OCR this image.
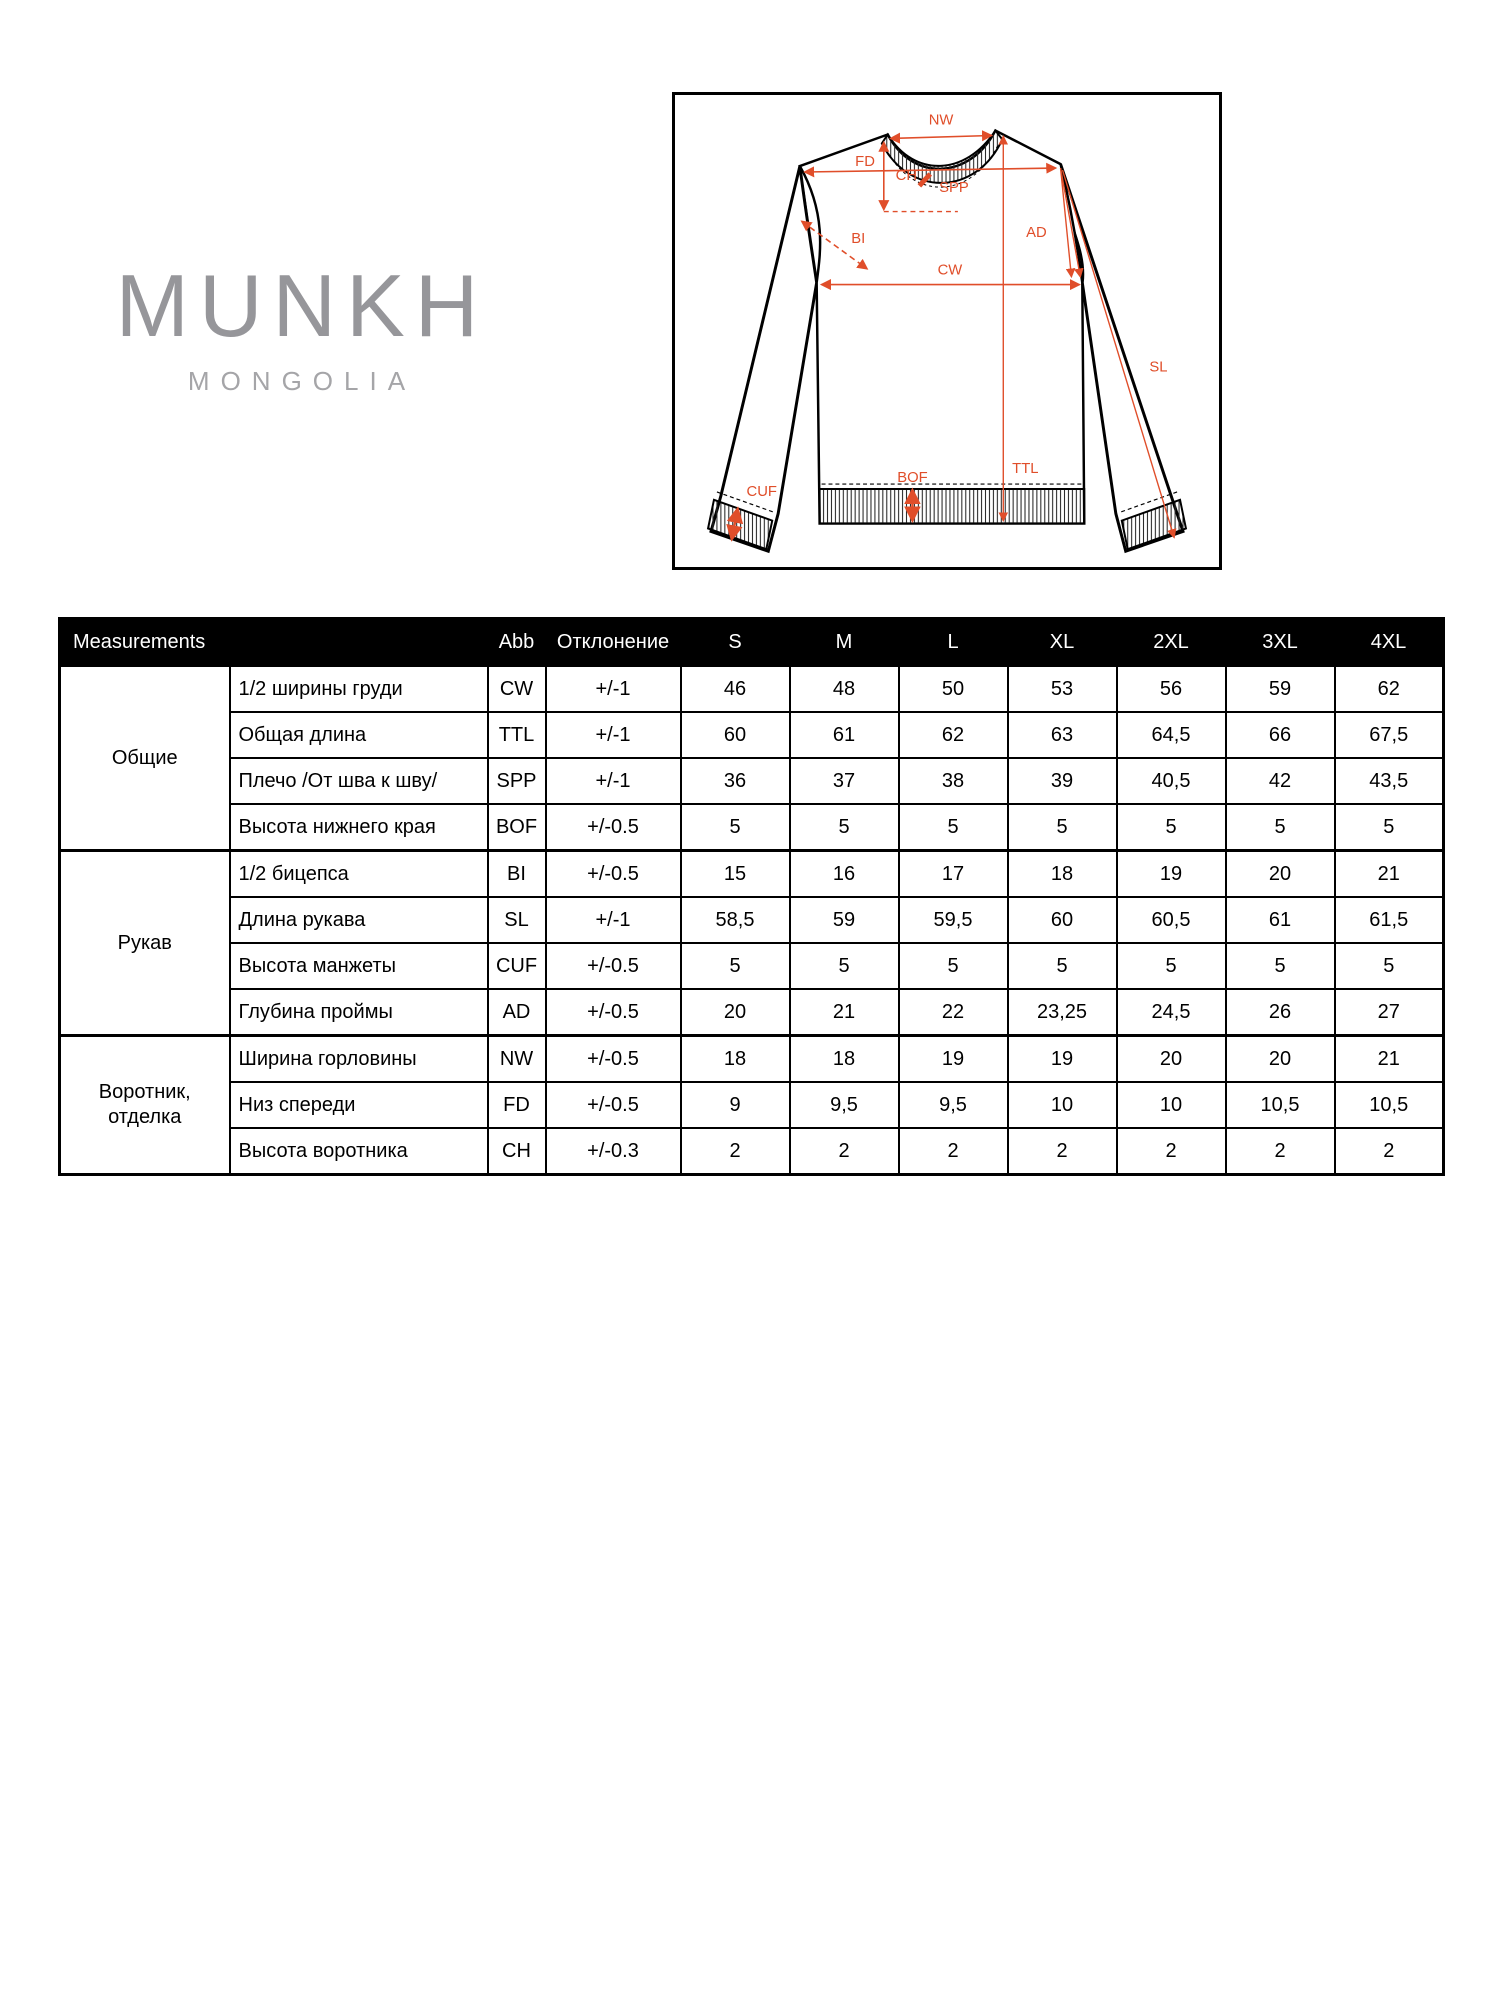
MUNKH
MONGOLIA
NW
SPP
FD
CH
BI
CW
AD
SL
TTL
BOF
CUF
Measurements		Abb	Отклонение	S	M	L	XL	2XL	3XL	4XL
Общие	1/2 ширины груди	CW	+/-1	46	48	50	53	56	59	62
	Общая длина	TTL	+/-1	60	61	62	63	64,5	66	67,5
	Плечо /От шва к шву/	SPP	+/-1	36	37	38	39	40,5	42	43,5
	Высота нижнего края	BOF	+/-0.5	5	5	5	5	5	5	5
Рукав	1/2 бицепса	BI	+/-0.5	15	16	17	18	19	20	21
	Длина рукава	SL	+/-1	58,5	59	59,5	60	60,5	61	61,5
	Высота манжеты	CUF	+/-0.5	5	5	5	5	5	5	5
	Глубина проймы	AD	+/-0.5	20	21	22	23,25	24,5	26	27
Воротник, отделка	Ширина горловины	NW	+/-0.5	18	18	19	19	20	20	21
	Низ спереди	FD	+/-0.5	9	9,5	9,5	10	10	10,5	10,5
	Высота воротника	CH	+/-0.3	2	2	2	2	2	2	2
